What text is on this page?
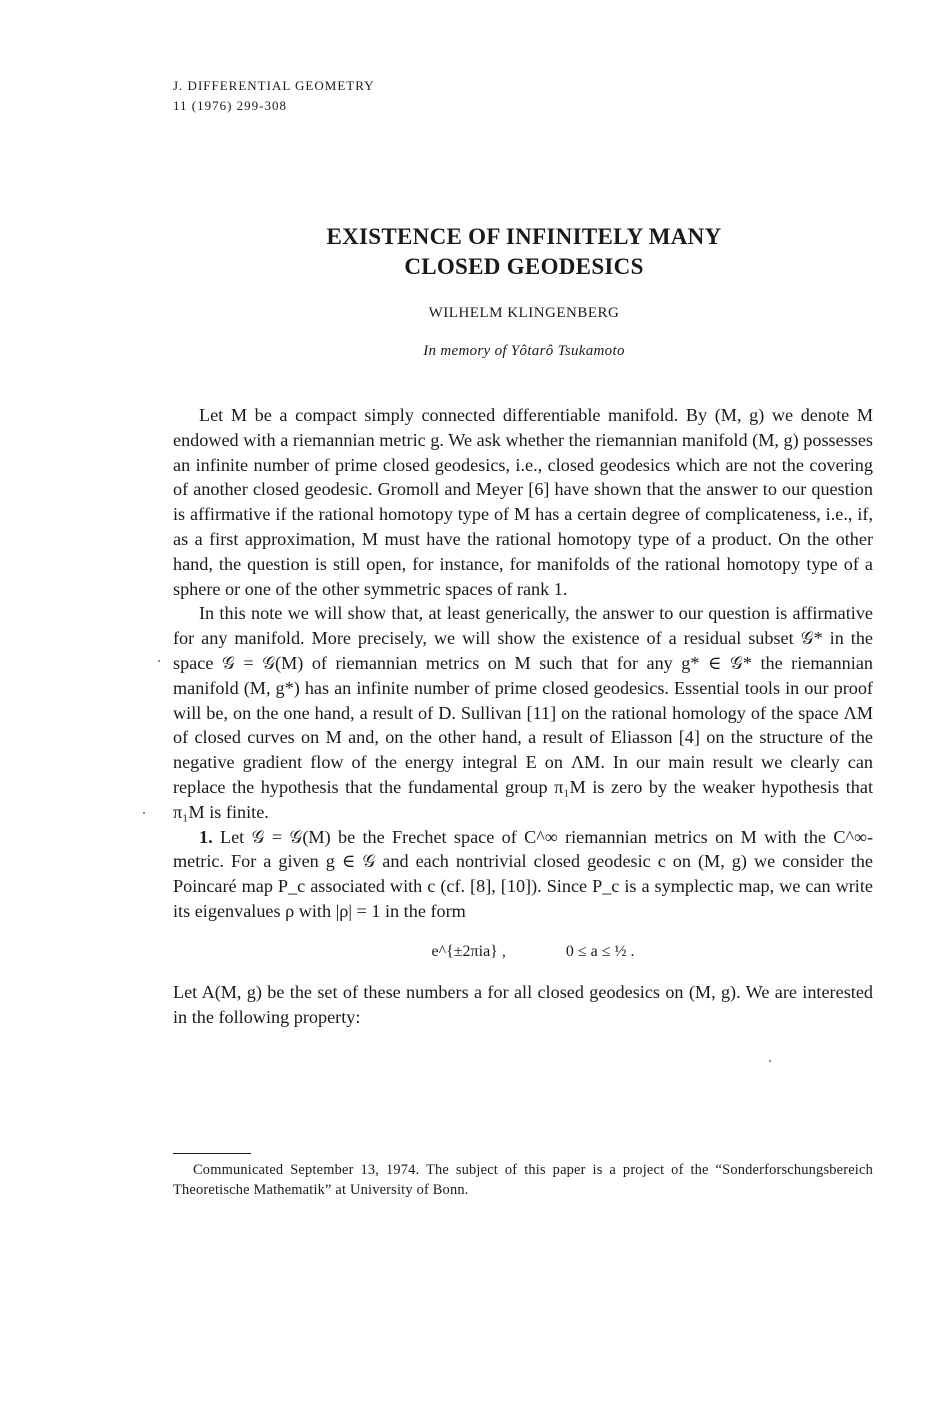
J. DIFFERENTIAL GEOMETRY
11 (1976) 299-308
EXISTENCE OF INFINITELY MANY
CLOSED GEODESICS
WILHELM KLINGENBERG
In memory of Yôtarô Tsukamoto

Let M be a compact simply connected differentiable manifold. By (M, g) we denote M endowed with a riemannian metric g. We ask whether the riemannian manifold (M, g) possesses an infinite number of prime closed geodesics, i.e., closed geodesics which are not the covering of another closed geodesic. Gromoll and Meyer [6] have shown that the answer to our question is affirmative if the rational homotopy type of M has a certain degree of complicateness, i.e., if, as a first approximation, M must have the rational homotopy type of a product. On the other hand, the question is still open, for instance, for manifolds of the rational homotopy type of a sphere or one of the other symmetric spaces of rank 1.

In this note we will show that, at least generically, the answer to our question is affirmative for any manifold. More precisely, we will show the existence of a residual subset 𝒢* in the space 𝒢 = 𝒢(M) of riemannian metrics on M such that for any g* ∈ 𝒢* the riemannian manifold (M, g*) has an infinite number of prime closed geodesics. Essential tools in our proof will be, on the one hand, a result of D. Sullivan [11] on the rational homology of the space ΛM of closed curves on M and, on the other hand, a result of Eliasson [4] on the structure of the negative gradient flow of the energy integral E on ΛM. In our main result we clearly can replace the hypothesis that the fundamental group π₁M is zero by the weaker hypothesis that π₁M is finite.

1. Let 𝒢 = 𝒢(M) be the Frechet space of C^∞ riemannian metrics on M with the C^∞-metric. For a given g ∈ 𝒢 and each nontrivial closed geodesic c on (M, g) we consider the Poincaré map P_c associated with c (cf. [8], [10]). Since P_c is a symplectic map, we can write its eigenvalues ρ with |ρ| = 1 in the form

e^{±2πia} ,	0 ≤ a ≤ ½ .

Let A(M, g) be the set of these numbers a for all closed geodesics on (M, g). We are interested in the following property:

Communicated September 13, 1974. The subject of this paper is a project of the “Sonderforschungsbereich Theoretische Mathematik” at University of Bonn.
